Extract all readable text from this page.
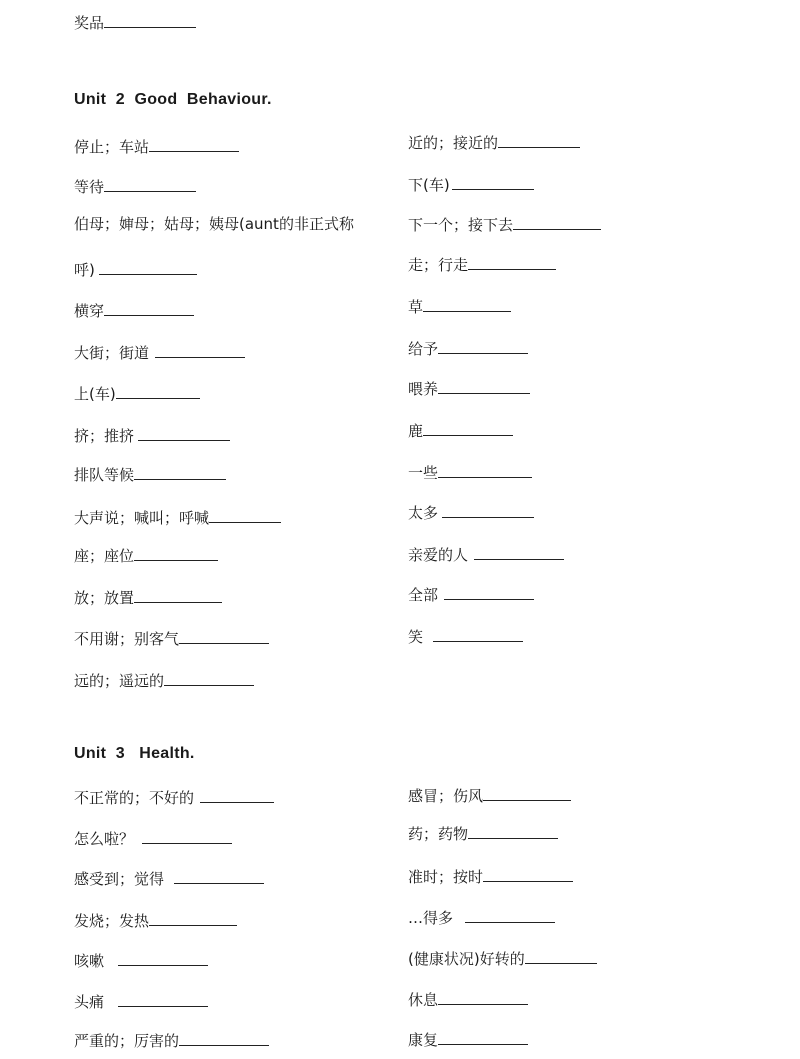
奖品
Unit  2  Good  Behaviour.
停止；车站
等待
伯母；婶母；姑母；姨母(aunt的非正式称
呼)
横穿
大街；街道
上(车)
挤；推挤
排队等候
大声说；喊叫；呼喊
座；座位
放；放置
不用谢；别客气
远的；遥远的
近的；接近的
下(车)
下一个；接下去
走；行走
草
给予
喂养
鹿
一些
太多
亲爱的人
全部
笑
Unit  3   Health.
不正常的；不好的
怎么啦？
感受到；觉得
发烧；发热
咳嗽
头痛
严重的；厉害的
感冒；伤风
药；药物
准时；按时
…得多
(健康状况)好转的
休息
康复
